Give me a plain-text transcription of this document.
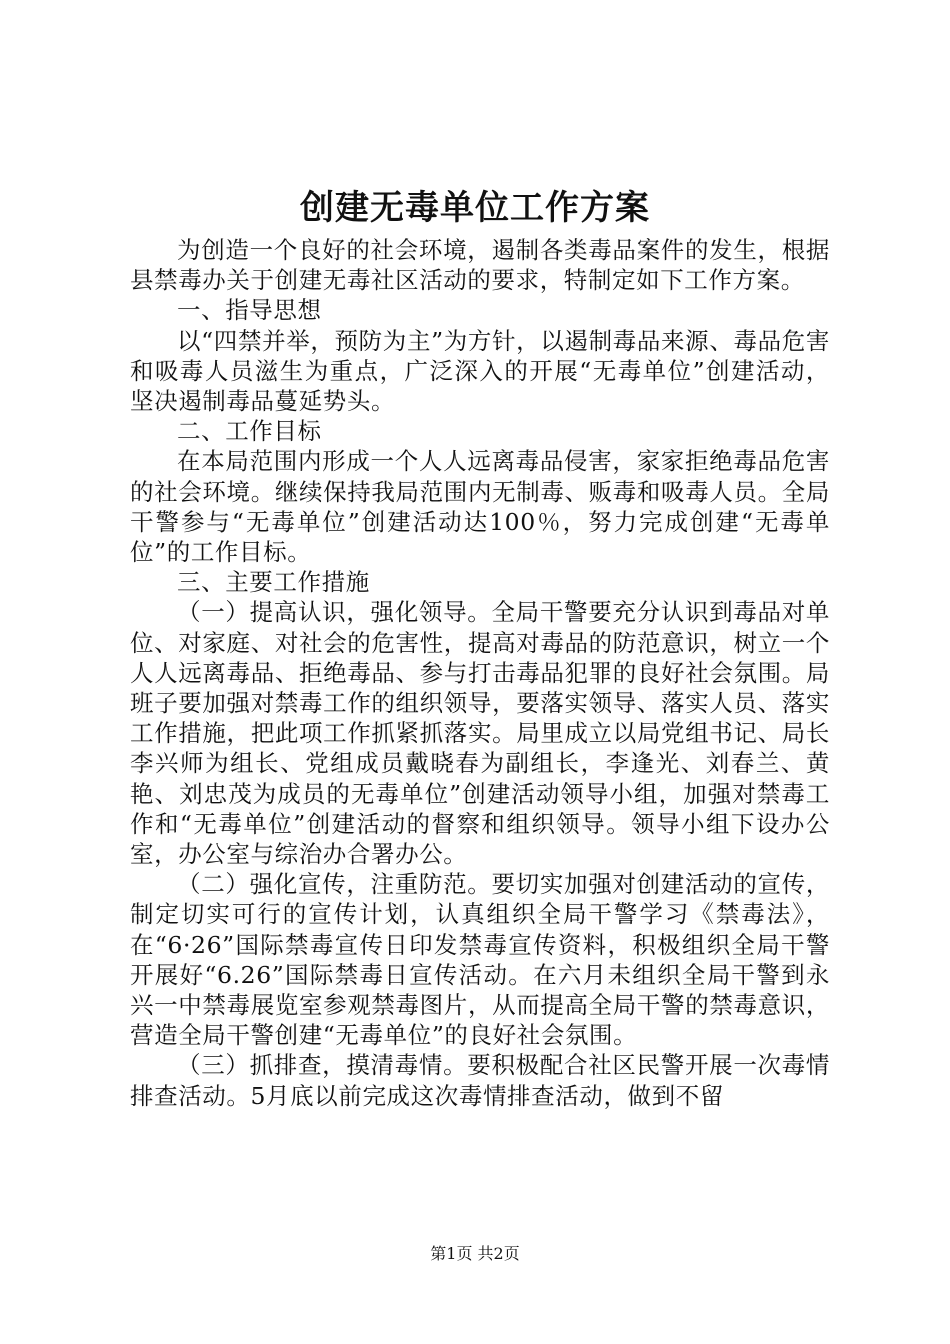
创建无毒单位工作方案

为创造一个良好的社会环境，遏制各类毒品案件的发生，根据县禁毒办关于创建无毒社区活动的要求，特制定如下工作方案。

一、指导思想

以“四禁并举，预防为主”为方针，以遏制毒品来源、毒品危害和吸毒人员滋生为重点，广泛深入的开展“无毒单位”创建活动，坚决遏制毒品蔓延势头。

二、工作目标

在本局范围内形成一个人人远离毒品侵害，家家拒绝毒品危害的社会环境。继续保持我局范围内无制毒、贩毒和吸毒人员。全局干警参与“无毒单位”创建活动达100％，努力完成创建“无毒单位”的工作目标。

三、主要工作措施

（一）提高认识，强化领导。全局干警要充分认识到毒品对单位、对家庭、对社会的危害性，提高对毒品的防范意识，树立一个人人远离毒品、拒绝毒品、参与打击毒品犯罪的良好社会氛围。局班子要加强对禁毒工作的组织领导，要落实领导、落实人员、落实工作措施，把此项工作抓紧抓落实。局里成立以局党组书记、局长李兴师为组长、党组成员戴晓春为副组长，李逢光、刘春兰、黄艳、刘忠茂为成员的无毒单位”创建活动领导小组，加强对禁毒工作和“无毒单位”创建活动的督察和组织领导。领导小组下设办公室，办公室与综治办合署办公。

（二）强化宣传，注重防范。要切实加强对创建活动的宣传，制定切实可行的宣传计划，认真组织全局干警学习《禁毒法》，在“6·26”国际禁毒宣传日印发禁毒宣传资料，积极组织全局干警开展好“6.26”国际禁毒日宣传活动。在六月未组织全局干警到永兴一中禁毒展览室参观禁毒图片，从而提高全局干警的禁毒意识，营造全局干警创建“无毒单位”的良好社会氛围。

（三）抓排查，摸清毒情。要积极配合社区民警开展一次毒情排查活动。5月底以前完成这次毒情排查活动，做到不留

第1页 共2页
